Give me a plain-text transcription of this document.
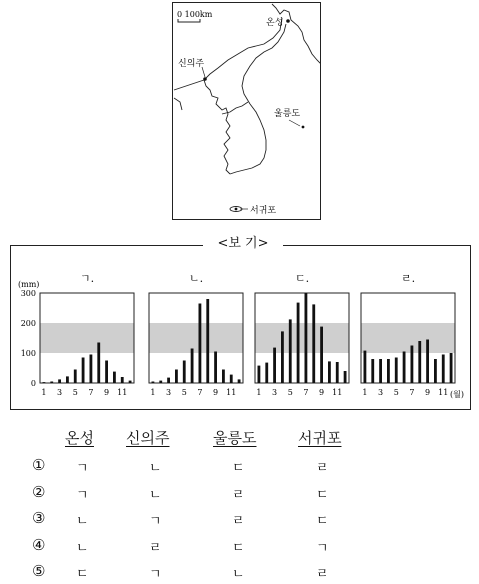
0 100km
온성
신의주
울릉도
서귀포
<보 기>
(mm)
(월)
300
200
100
0
ㄱ.
1 3 5 7 9 11
ㄴ.
1 3 5 7 9 11
ㄷ.
1 3 5 7 9 11
ㄹ.
1 3 5 7 9 11
온성 신의주	울릉도	서귀포
① ㄱ	ㄴ	ㄷ	ㄹ
② ㄱ	ㄴ	ㄹ	ㄷ
③ ㄴ	ㄱ	ㄹ	ㄷ
④ ㄴ	ㄹ	ㄷ	ㄱ
⑤ ㄷ	ㄱ	ㄴ	ㄹ
